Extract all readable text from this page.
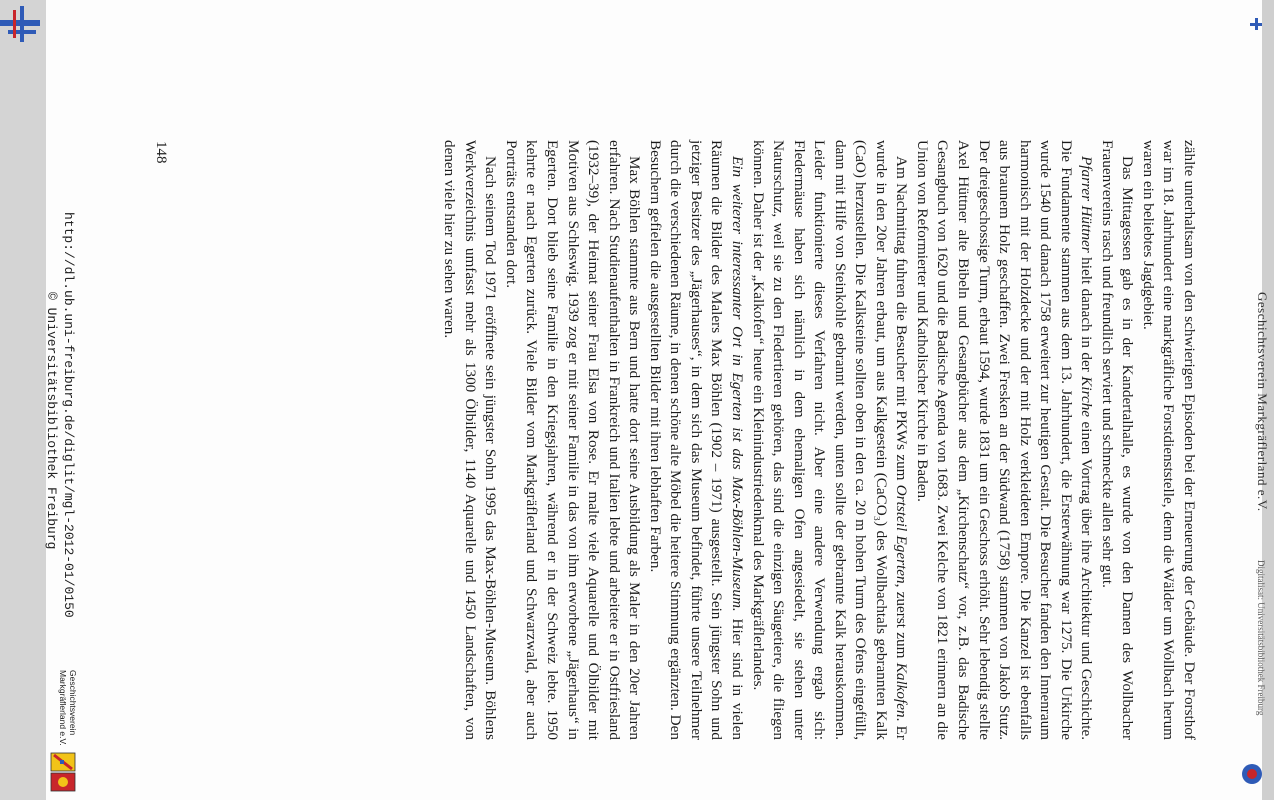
Geschichtsverein Markgräflerland e.V.
Digitalisat: Universitätsbibliothek Freiburg

zählte unterhaltsam von den schwierigen Episoden bei der Erneuerung der Gebäude. Der Forsthof war im 18. Jahrhundert eine markgräfliche Forstdienststelle, denn die Wälder um Wollbach herum waren ein beliebtes Jagdgebiet.

Das Mittagessen gab es in der Kandertalhalle, es wurde von den Damen des Wollbacher Frauenvereins rasch und freundlich serviert und schmeckte allen sehr gut.

Pfarrer Hüttner hielt danach in der Kirche einen Vortrag über ihre Architektur und Geschichte. Die Fundamente stammen aus dem 13. Jahrhundert, die Ersterwähnung war 1275. Die Urkirche wurde 1540 und danach 1758 erweitert zur heutigen Gestalt. Die Besucher fanden den Innenraum harmonisch mit der Holzdecke und der mit Holz verkleideten Empore. Die Kanzel ist ebenfalls aus braunem Holz geschaffen. Zwei Fresken an der Südwand (1758) stammen von Jakob Stutz. Der dreigeschossige Turm, erbaut 1594, wurde 1831 um ein Geschoss erhöht. Sehr lebendig stellte Axel Hüttner alte Bibeln und Gesangbücher aus dem „Kirchenschatz“ vor, z.B. das Badische Gesangbuch von 1620 und die Badische Agenda von 1683. Zwei Kelche von 1821 erinnern an die Union von Reformierter und Katholischer Kirche in Baden.

Am Nachmittag fuhren die Besucher mit PKWs zum Ortsteil Egerten, zuerst zum Kalkofen. Er wurde in den 20er Jahren erbaut, um aus Kalkgestein (CaCO₃) des Wollbachtals gebrannten Kalk (CaO) herzustellen. Die Kalksteine sollten oben in den ca. 20 m hohen Turm des Ofens eingefüllt, dann mit Hilfe von Steinkohle gebrannt werden, unten sollte der gebrannte Kalk herauskommen. Leider funktionierte dieses Verfahren nicht. Aber eine andere Verwendung ergab sich: Fledermäuse haben sich nämlich in dem ehemaligen Ofen angesiedelt, sie stehen unter Naturschutz, weil sie zu den Fledertieren gehören, das sind die einzigen Säugetiere, die fliegen können. Daher ist der „Kalkofen“ heute ein Kleinindustriedenkmal des Markgräflerlandes.

Ein weiterer interessanter Ort in Egerten ist das Max-Böhlen-Museum. Hier sind in vielen Räumen die Bilder des Malers Max Böhlen (1902 – 1971) ausgestellt. Sein jüngster Sohn und jetziger Besitzer des „Jägerhauses“, in dem sich das Museum befindet, führte unsere Teilnehmer durch die verschiedenen Räume, in denen schöne alte Möbel die heitere Stimmung ergänzten. Den Besuchern gefielen die ausgestellten Bilder mit ihren lebhaften Farben.

Max Böhlen stammte aus Bern und hatte dort seine Ausbildung als Maler in den 20er Jahren erfahren. Nach Studienaufenthalten in Frankreich und Italien lebte und arbeitete er in Ostfriesland (1932–39), der Heimat seiner Frau Elsa von Rose. Er malte viele Aquarelle und Ölbilder mit Motiven aus Schleswig. 1939 zog er mit seiner Familie in das von ihm erworbene „Jägerhaus“ in Egerten. Dort blieb seine Familie in den Kriegsjahren, während er in der Schweiz lebte. 1950 kehrte er nach Egerten zurück. Viele Bilder vom Markgräflerland und Schwarzwald, aber auch Porträts entstanden dort.

Nach seinem Tod 1971 eröffnete sein jüngster Sohn 1995 das Max-Böhlen-Museum. Böhlens Werkverzeichnis umfasst mehr als 1300 Ölbilder, 1140 Aquarelle und 1450 Landschaften, von denen viele hier zu sehen waren.

148
http://dl.ub.uni-freiburg.de/diglit/mgl-2012-01/0150
© Universitätsbibliothek Freiburg
Geschichtsverein
Markgräflerland e.V.
